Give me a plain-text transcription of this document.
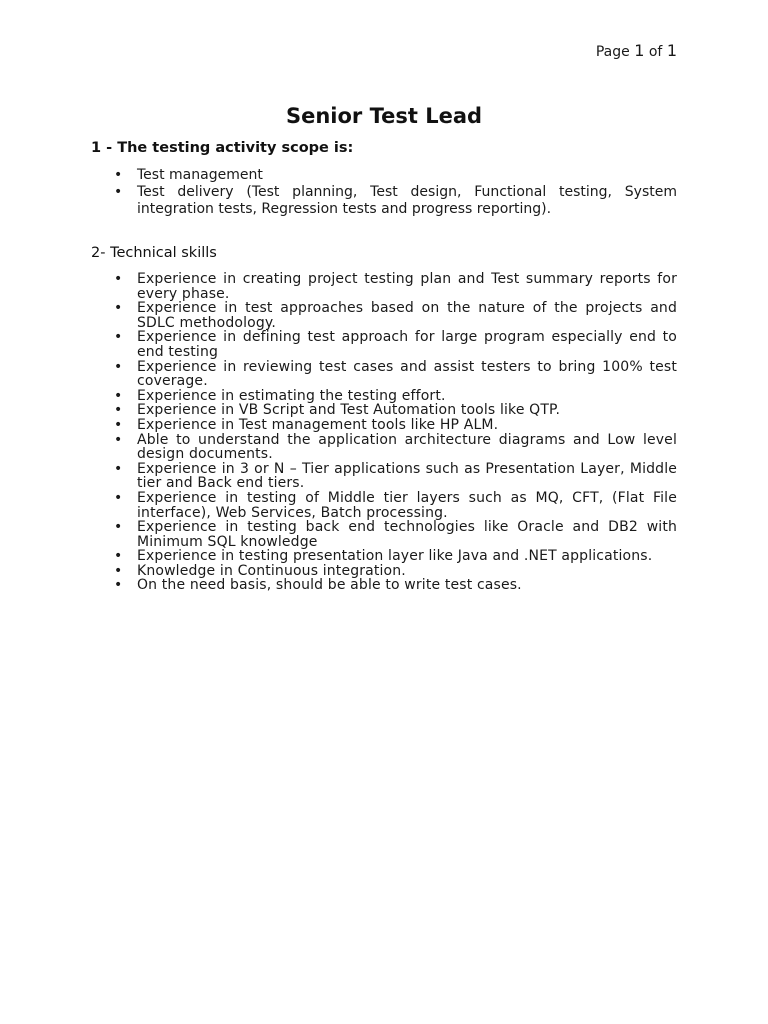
Page 1 of 1
Senior Test Lead
1 - The testing activity scope is:
• Test management
• Test delivery (Test planning, Test design, Functional testing, System integration tests, Regression tests and progress reporting).
2- Technical skills
• Experience in creating project testing plan and Test summary reports for every phase.
• Experience in test approaches based on the nature of the projects and SDLC methodology.
• Experience in defining test approach for large program especially end to end testing
• Experience in reviewing test cases and assist testers to bring 100% test coverage.
• Experience in estimating the testing effort.
• Experience in VB Script and Test Automation tools like QTP.
• Experience in Test management tools like HP ALM.
• Able to understand the application architecture diagrams and Low level design documents.
• Experience in 3 or N – Tier applications such as Presentation Layer, Middle tier and Back end tiers.
• Experience in testing of Middle tier layers such as MQ, CFT, (Flat File interface), Web Services, Batch processing.
• Experience in testing back end technologies like Oracle and DB2 with Minimum SQL knowledge
• Experience in testing presentation layer like Java and .NET applications.
• Knowledge in Continuous integration.
• On the need basis, should be able to write test cases.
